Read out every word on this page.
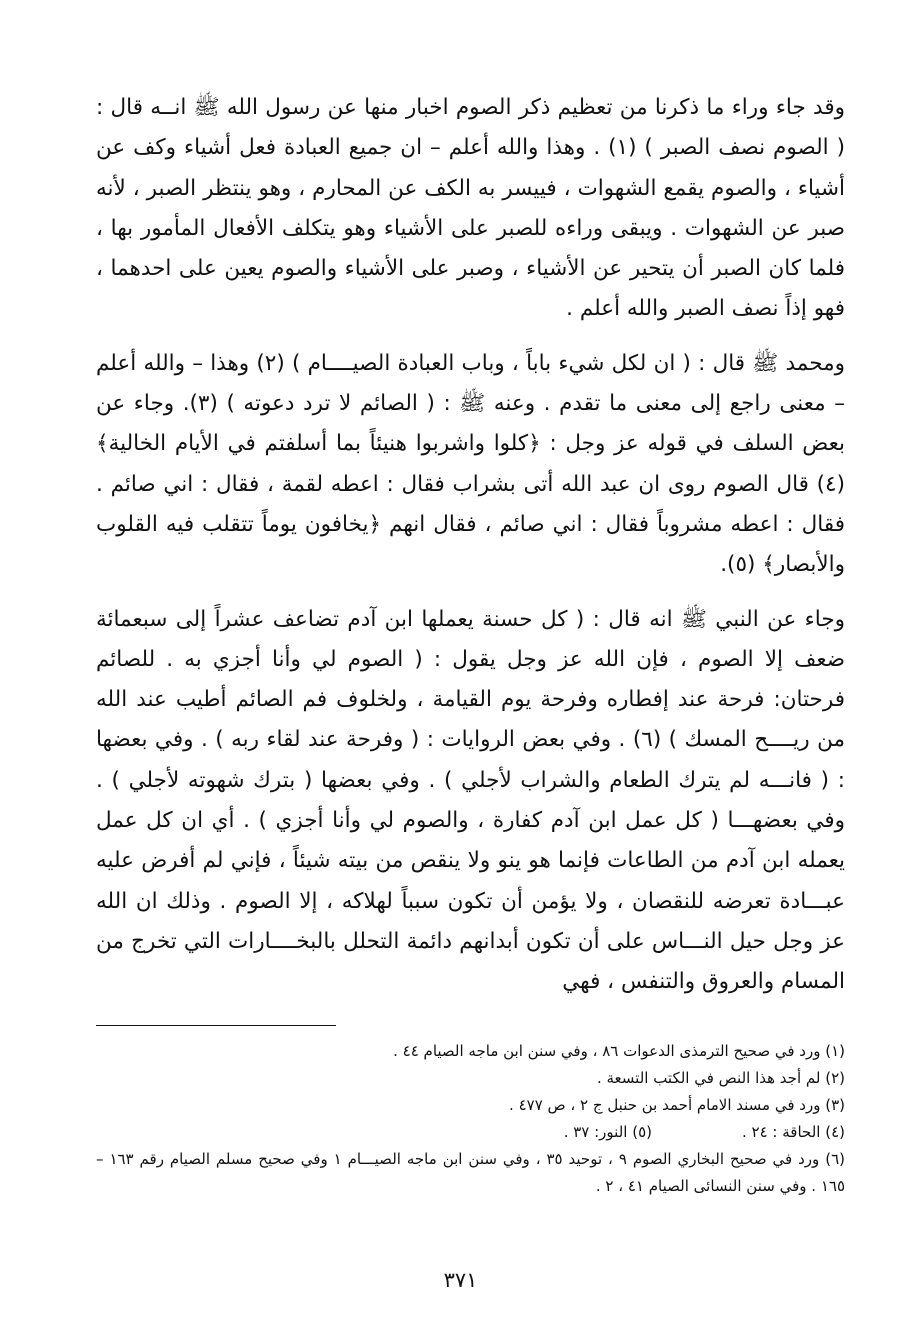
وقد جاء وراء ما ذكرنا من تعظيم ذكر الصوم اخبار منها عن رسول الله ﷺ انــه قال : ( الصوم نصف الصبر ) (١) . وهذا والله أعلم – ان جميع العبادة فعل أشياء وكف عن أشياء ، والصوم يقمع الشهوات ، فييسر به الكف عن المحارم ، وهو ينتظر الصبر ، لأنه صبر عن الشهوات . ويبقى وراءه للصبر على الأشياء وهو يتكلف الأفعال المأمور بها ، فلما كان الصبر أن يتحير عن الأشياء ، وصبر على الأشياء والصوم يعين على احدهما ، فهو إذاً نصف الصبر والله أعلم .

ومحمد ﷺ قال : ( ان لكل شيء باباً ، وباب العبادة الصيــــام ) (٢) وهذا – والله أعلم – معنى راجع إلى معنى ما تقدم . وعنه ﷺ : ( الصائم لا ترد دعوته ) (٣). وجاء عن بعض السلف في قوله عز وجل : ﴿كلوا واشربوا هنيئاً بما أسلفتم في الأيام الخالية﴾ (٤) قال الصوم روى ان عبد الله أتى بشراب فقال : اعطه لقمة ، فقال : اني صائم . فقال : اعطه مشروباً فقال : اني صائم ، فقال انهم ﴿يخافون يوماً تتقلب فيه القلوب والأبصار﴾ (٥).

وجاء عن النبي ﷺ انه قال : ( كل حسنة يعملها ابن آدم تضاعف عشراً إلى سبعمائة ضعف إلا الصوم ، فإن الله عز وجل يقول : ( الصوم لي وأنا أجزي به . للصائم فرحتان: فرحة عند إفطاره وفرحة يوم القيامة ، ولخلوف فم الصائم أطيب عند الله من ريــــح المسك ) (٦) . وفي بعض الروايات : ( وفرحة عند لقاء ربه ) . وفي بعضها : ( فانـــه لم يترك الطعام والشراب لأجلي ) . وفي بعضها ( بترك شهوته لأجلي ) . وفي بعضهـــا ( كل عمل ابن آدم كفارة ، والصوم لي وأنا أجزي ) . أي ان كل عمل يعمله ابن آدم من الطاعات فإنما هو ينو ولا ينقص من بيته شيئاً ، فإني لم أفرض عليه عبـــادة تعرضه للنقصان ، ولا يؤمن أن تكون سبباً لهلاكه ، إلا الصوم . وذلك ان الله عز وجل حيل النـــاس على أن تكون أبدانهم دائمة التحلل بالبخــــارات التي تخرج من المسام والعروق والتنفس ، فهي

(١) ورد في صحيح الترمذى الدعوات ٨٦ ، وفي سنن ابن ماجه الصيام ٤٤ .

(٢) لم أجد هذا النص في الكتب التسعة .

(٣) ورد في مسند الامام أحمد بن حنبل ج ٢ ، ص ٤٧٧ .

(٤) الحاقة : ٢٤ .
(٥) النور: ٣٧ .

(٦) ورد في صحيح البخاري الصوم ٩ ، توحيد ٣٥ ، وفي سنن ابن ماجه الصيـــام ١ وفي صحيح مسلم الصيام رقم ١٦٣ – ١٦٥ . وفي سنن النسائى الصيام ٤١ ، ٢ .

٣٧١
